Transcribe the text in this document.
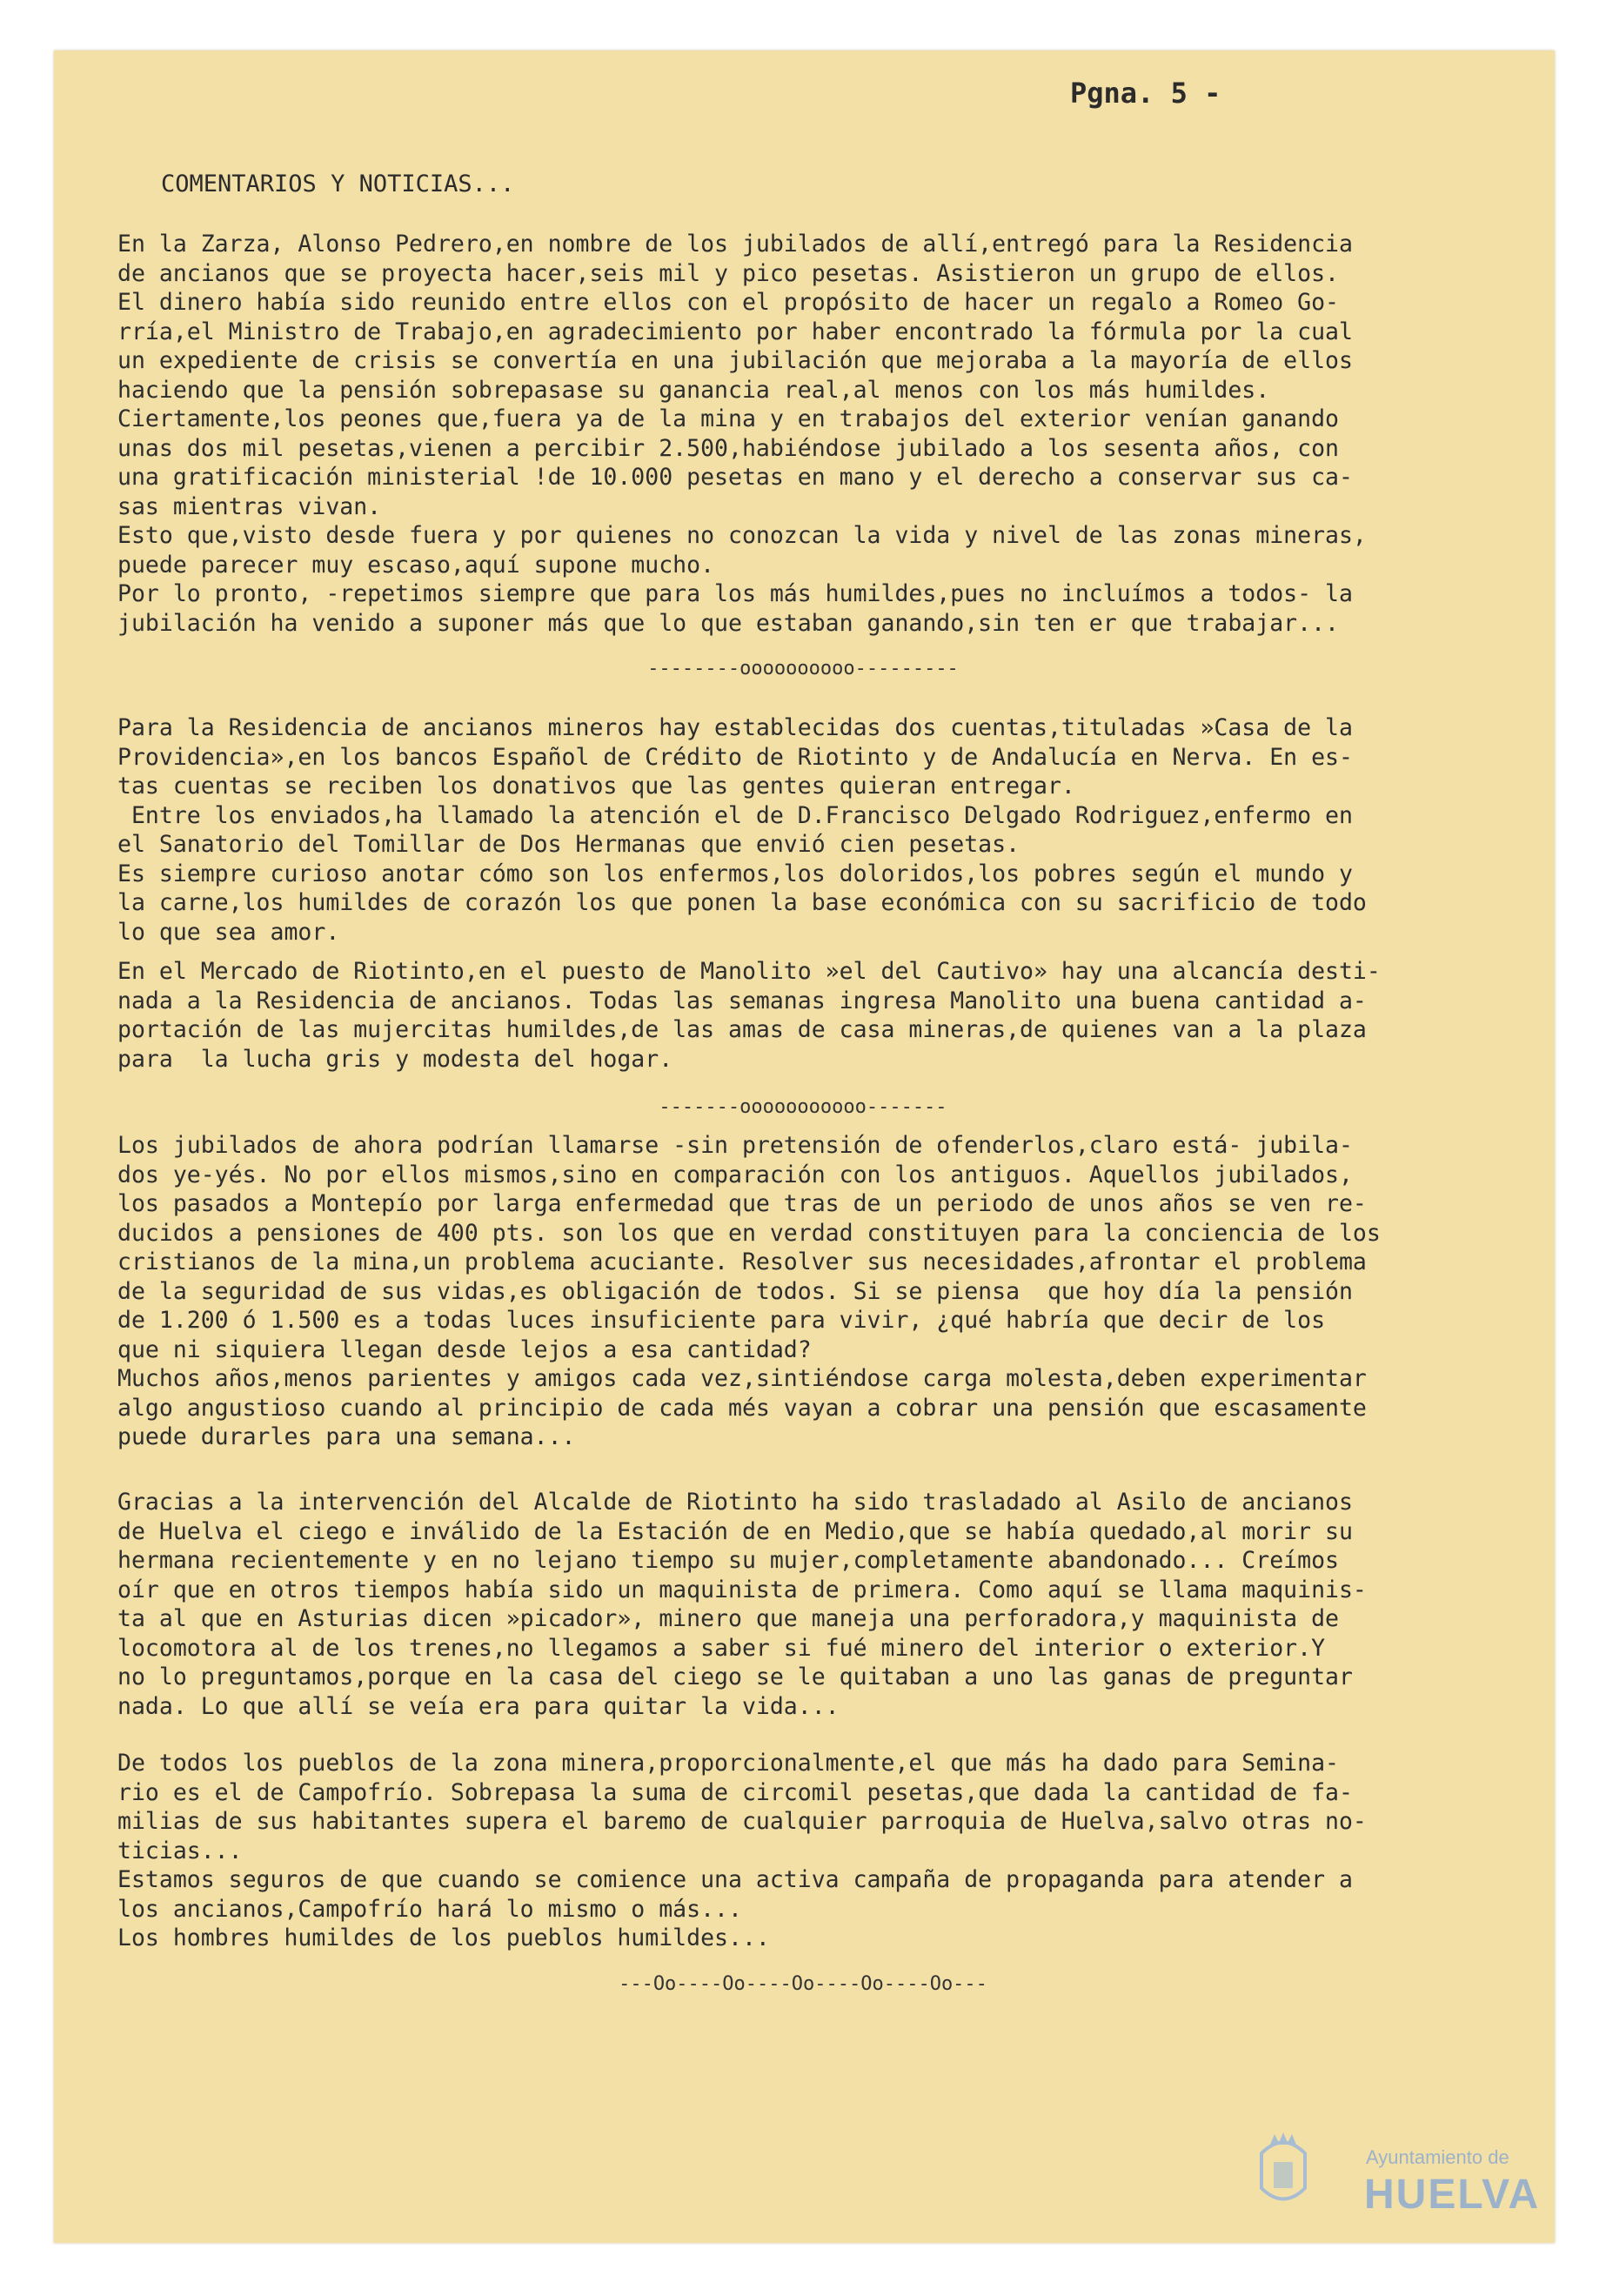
Pgna. 5 -
COMENTARIOS Y NOTICIAS...
En la Zarza, Alonso Pedrero,en nombre de los jubilados de allí,entregó para la Residencia
de ancianos que se proyecta hacer,seis mil y pico pesetas. Asistieron un grupo de ellos.
El dinero había sido reunido entre ellos con el propósito de hacer un regalo a Romeo Go-
rría,el Ministro de Trabajo,en agradecimiento por haber encontrado la fórmula por la cual
un expediente de crisis se convertía en una jubilación que mejoraba a la mayoría de ellos
haciendo que la pensión sobrepasase su ganancia real,al menos con los más humildes.
Ciertamente,los peones que,fuera ya de la mina y en trabajos del exterior venían ganando
unas dos mil pesetas,vienen a percibir 2.500,habiéndose jubilado a los sesenta años, con
una gratificación ministerial !de 10.000 pesetas en mano y el derecho a conservar sus ca-
sas mientras vivan.
Esto que,visto desde fuera y por quienes no conozcan la vida y nivel de las zonas mineras,
puede parecer muy escaso,aquí supone mucho.
Por lo pronto, -repetimos siempre que para los más humildes,pues no incluímos a todos- la
jubilación ha venido a suponer más que lo que estaban ganando,sin ten er que trabajar...
--------oooooooooo---------
Para la Residencia de ancianos mineros hay establecidas dos cuentas,tituladas »Casa de la
Providencia»,en los bancos Español de Crédito de Riotinto y de Andalucía en Nerva. En es-
tas cuentas se reciben los donativos que las gentes quieran entregar.
Entre los enviados,ha llamado la atención el de D.Francisco Delgado Rodriguez,enfermo en
el Sanatorio del Tomillar de Dos Hermanas que envió cien pesetas.
Es siempre curioso anotar cómo son los enfermos,los doloridos,los pobres según el mundo y
la carne,los humildes de corazón los que ponen la base económica con su sacrificio de todo
lo que sea amor.
En el Mercado de Riotinto,en el puesto de Manolito »el del Cautivo» hay una alcancía desti-
nada a la Residencia de ancianos. Todas las semanas ingresa Manolito una buena cantidad a-
portación de las mujercitas humildes,de las amas de casa mineras,de quienes van a la plaza
para  la lucha gris y modesta del hogar.
-------ooooooooooo-------
Los jubilados de ahora podrían llamarse -sin pretensión de ofenderlos,claro está- jubila-
dos ye-yés. No por ellos mismos,sino en comparación con los antiguos. Aquellos jubilados,
los pasados a Montepío por larga enfermedad que tras de un periodo de unos años se ven re-
ducidos a pensiones de 400 pts. son los que en verdad constituyen para la conciencia de los
cristianos de la mina,un problema acuciante. Resolver sus necesidades,afrontar el problema
de la seguridad de sus vidas,es obligación de todos. Si se piensa  que hoy día la pensión
de 1.200 ó 1.500 es a todas luces insuficiente para vivir, ¿qué habría que decir de los
que ni siquiera llegan desde lejos a esa cantidad?
Muchos años,menos parientes y amigos cada vez,sintiéndose carga molesta,deben experimentar
algo angustioso cuando al principio de cada més vayan a cobrar una pensión que escasamente
puede durarles para una semana...
Gracias a la intervención del Alcalde de Riotinto ha sido trasladado al Asilo de ancianos
de Huelva el ciego e inválido de la Estación de en Medio,que se había quedado,al morir su
hermana recientemente y en no lejano tiempo su mujer,completamente abandonado... Creímos
oír que en otros tiempos había sido un maquinista de primera. Como aquí se llama maquinis-
ta al que en Asturias dicen »picador», minero que maneja una perforadora,y maquinista de
locomotora al de los trenes,no llegamos a saber si fué minero del interior o exterior.Y
no lo preguntamos,porque en la casa del ciego se le quitaban a uno las ganas de preguntar
nada. Lo que allí se veía era para quitar la vida...
De todos los pueblos de la zona minera,proporcionalmente,el que más ha dado para Semina-
rio es el de Campofrío. Sobrepasa la suma de circomil pesetas,que dada la cantidad de fa-
milias de sus habitantes supera el baremo de cualquier parroquia de Huelva,salvo otras no-
ticias...
Estamos seguros de que cuando se comience una activa campaña de propaganda para atender a
los ancianos,Campofrío hará lo mismo o más...
Los hombres humildes de los pueblos humildes...
---Oo----Oo----Oo----Oo----Oo---
Ayuntamiento de
HUELVA
